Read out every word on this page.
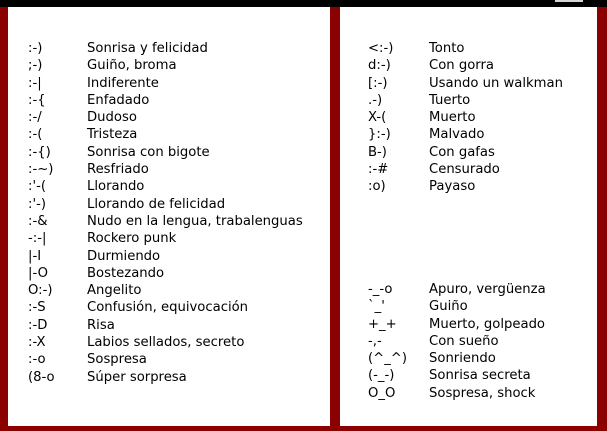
:-)	Sonrisa y felicidad
;-)	Guiño, broma
:-|	Indiferente
:-{	Enfadado
:-/	Dudoso
:-(	Tristeza
:-{)	Sonrisa con bigote
:-~)	Resfriado
:'-(	Llorando
:'-)	Llorando de felicidad
:-&	Nudo en la lengua, trabalenguas
-:-|	Rockero punk
|-I	Durmiendo
|-O	Bostezando
O:-)	Angelito
:-S	Confusión, equivocación
:-D	Risa
:-X	Labios sellados, secreto
:-o	Sospresa
(8-o	Súper sorpresa
<:-)	Tonto
d:-)	Con gorra
[:-)	Usando un walkman
.-)	Tuerto
X-(	Muerto
}:-)	Malvado
B-)	Con gafas
:-#	Censurado
:o)	Payaso
-_-o	Apuro, vergüenza
`_'	Guiño
+_+	Muerto, golpeado
-,-	Con sueño
(^_^)	Sonriendo
(-_-)	Sonrisa secreta
O_O	Sospresa, shock
